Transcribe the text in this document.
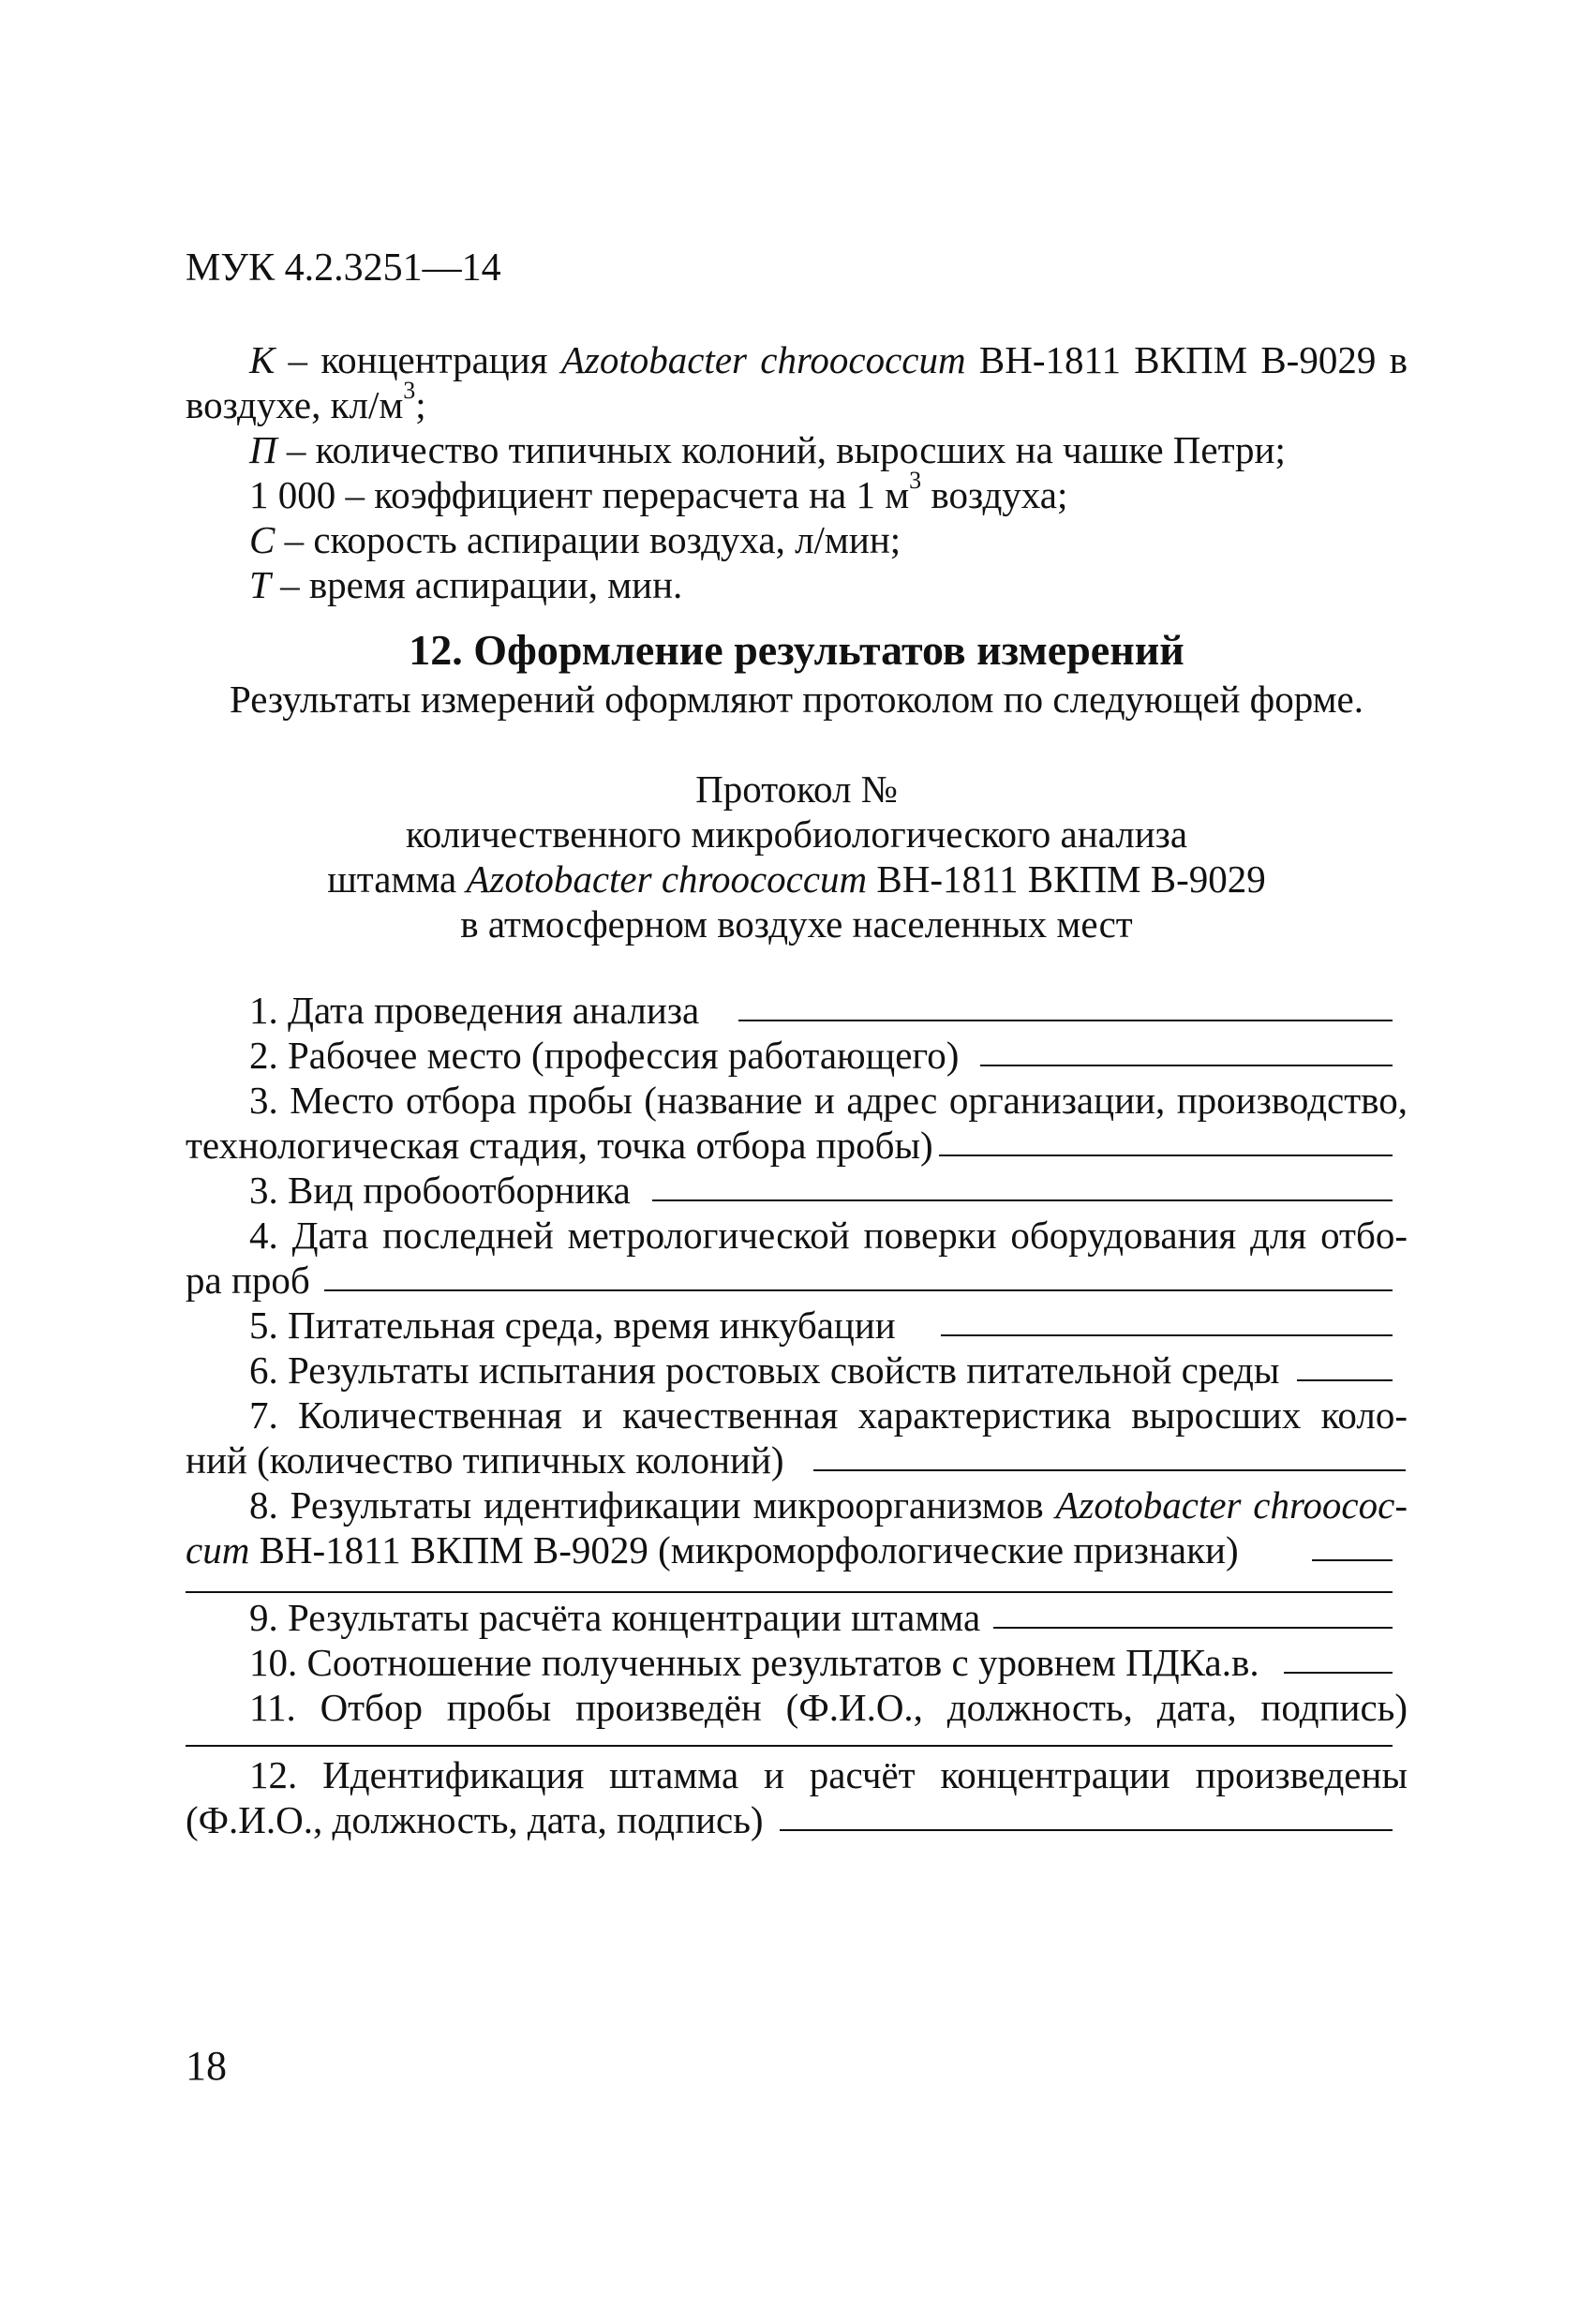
МУК 4.2.3251—14
К – концентрация Azotobacter chroococcum ВН-1811 ВКПМ В-9029 в
воздухе, $кл/м^3$;
П – количество типичных колоний, выросших на чашке Петри;
1 000 – коэффициент перерасчета на 1 $м^3$ воздуха;
С – скорость аспирации воздуха, л/мин;
Т – время аспирации, мин.
12. Оформление результатов измерений
Результаты измерений оформляют протоколом по следующей форме.
Протокол №
количественного микробиологического анализа
штамма Azotobacter chroococcum ВН-1811 ВКПМ В-9029
в атмосферном воздухе населенных мест
1. Дата проведения анализа
2. Рабочее место (профессия работающего)
3. Место отбора пробы (название и адрес организации, производство,
технологическая стадия, точка отбора пробы)
3. Вид пробоотборника
4. Дата последней метрологической поверки оборудования для отбо-
ра проб
5. Питательная среда, время инкубации
6. Результаты испытания ростовых свойств питательной среды
7. Количественная и качественная характеристика выросших коло-
ний (количество типичных колоний)
8. Результаты идентификации микроорганизмов Azotobacter chroococ-
cum ВН-1811 ВКПМ В-9029 (микроморфологические признаки)
9. Результаты расчёта концентрации штамма
10. Соотношение полученных результатов с уровнем ПДКа.в.
11. Отбор пробы произведён (Ф.И.О., должность, дата, подпись)
12. Идентификация штамма и расчёт концентрации произведены
(Ф.И.О., должность, дата, подпись)
18
